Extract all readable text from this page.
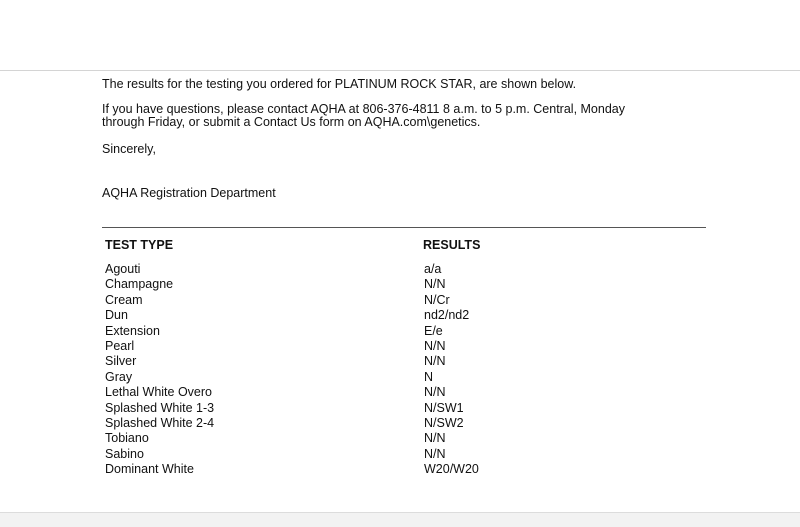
The results for the testing you ordered for PLATINUM ROCK STAR, are shown below.

If you have questions, please contact AQHA at 806-376-4811 8 a.m. to 5 p.m. Central, Monday

through Friday, or submit a Contact Us form on AQHA.com\genetics.

Sincerely,

AQHA Registration Department

TEST TYPE	RESULTS
Agouti	a/a
Champagne	N/N
Cream	N/Cr
Dun	nd2/nd2
Extension	E/e
Pearl	N/N
Silver	N/N
Gray	N
Lethal White Overo	N/N
Splashed White 1-3	N/SW1
Splashed White 2-4	N/SW2
Tobiano	N/N
Sabino	N/N
Dominant White	W20/W20
